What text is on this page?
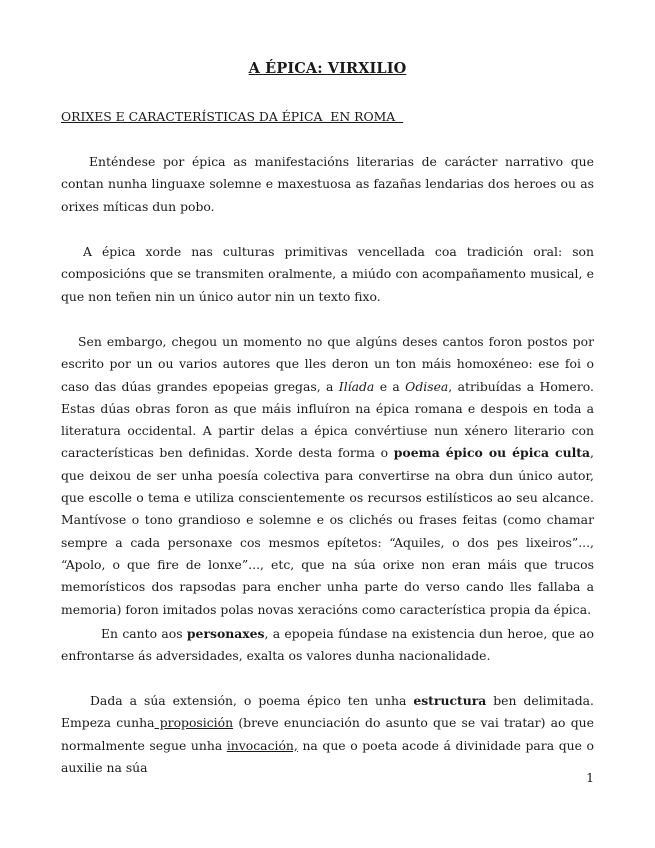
A ÉPICA: VIRXILIO
ORIXES E CARACTERÍSTICAS DA ÉPICA  EN ROMA

Enténdese por épica as manifestacións literarias de carácter narrativo que contan nunha linguaxe solemne e maxestuosa as fazañas lendarias dos heroes ou as orixes míticas dun pobo.

A épica xorde nas culturas primitivas vencellada coa tradición oral: son composicións que se transmiten oralmente, a miúdo con acompañamento musical, e que non teñen nin un único autor nin un texto fixo.

Sen embargo, chegou un momento no que algúns deses cantos foron postos por escrito por un ou varios autores que lles deron un ton máis homoxéneo: ese foi o caso das dúas grandes epopeias gregas, a Ilíada e a Odisea, atribuídas a Homero. Estas dúas obras foron as que máis influíron na épica romana e despois en toda a literatura occidental. A partir delas a épica convértiuse nun xénero literario con características ben definidas. Xorde desta forma o poema épico ou épica culta, que deixou de ser unha poesía colectiva para convertirse na obra dun único autor, que escolle o tema e utiliza conscientemente os recursos estilísticos ao seu alcance. Mantívose o tono grandioso e solemne e os clichés ou frases feitas (como chamar sempre a cada personaxe cos mesmos epítetos: “Aquiles, o dos pes lixeiros”..., “Apolo, o que fire de lonxe”..., etc, que na súa orixe non eran máis que trucos memorísticos dos rapsodas para encher unha parte do verso cando lles fallaba a memoria) foron imitados polas novas xeracións como característica propia da épica.

En canto aos personaxes, a epopeia fúndase na existencia dun heroe, que ao enfrontarse ás adversidades, exalta os valores dunha nacionalidade.

Dada a súa extensión, o poema épico ten unha estructura ben delimitada. Empeza cunha proposición (breve enunciación do asunto que se vai tratar) ao que normalmente segue unha invocación, na que o poeta acode á divinidade para que o auxilie na súa

1
